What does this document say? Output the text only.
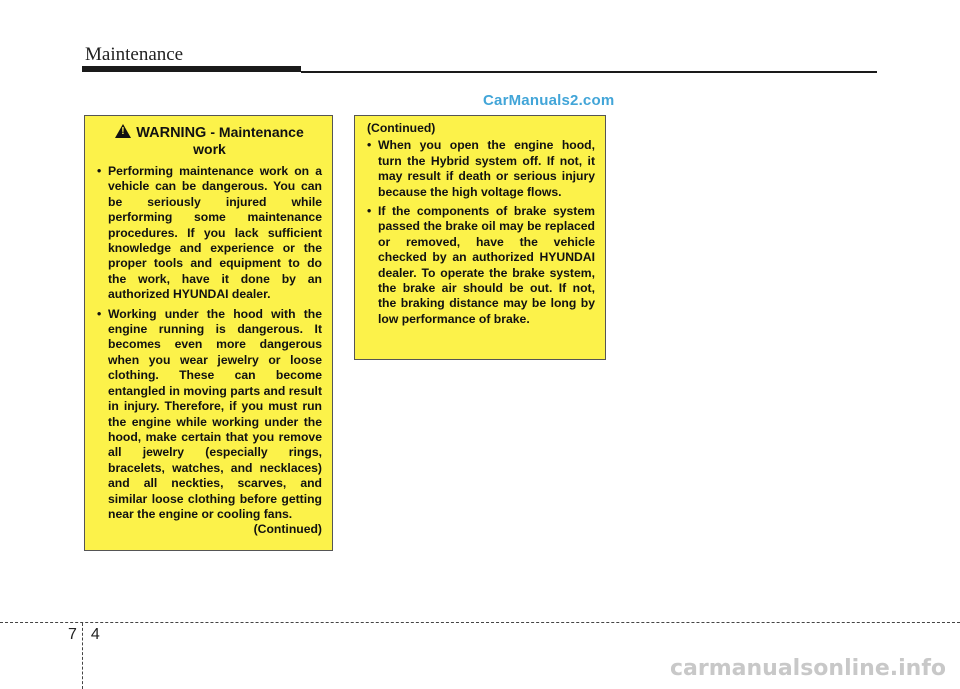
Maintenance
CarManuals2.com
!WARNING - Maintenance
work
• Performing maintenance work on a vehicle can be dangerous. You can be seriously injured while performing some maintenance procedures. If you lack sufficient knowledge and experience or the proper tools and equipment to do the work, have it done by an authorized HYUNDAI dealer.
• Working under the hood with the engine running is dangerous. It becomes even more dangerous when you wear jewelry or loose clothing. These can become entangled in moving parts and result in injury. Therefore, if you must run the engine while working under the hood, make certain that you remove all jewelry (especially rings, bracelets, watches, and necklaces) and all neckties, scarves, and similar loose clothing before getting near the engine or cooling fans.
(Continued)
(Continued)
• When you open the engine hood, turn the Hybrid system off. If not, it may result if death or serious injury because the high voltage flows.
• If the components of brake system passed the brake oil may be replaced or removed, have the vehicle checked by an authorized HYUNDAI dealer. To operate the brake system, the brake air should be out. If not, the braking distance may be long by low performance of brake.
74
carmanualsonline.info
